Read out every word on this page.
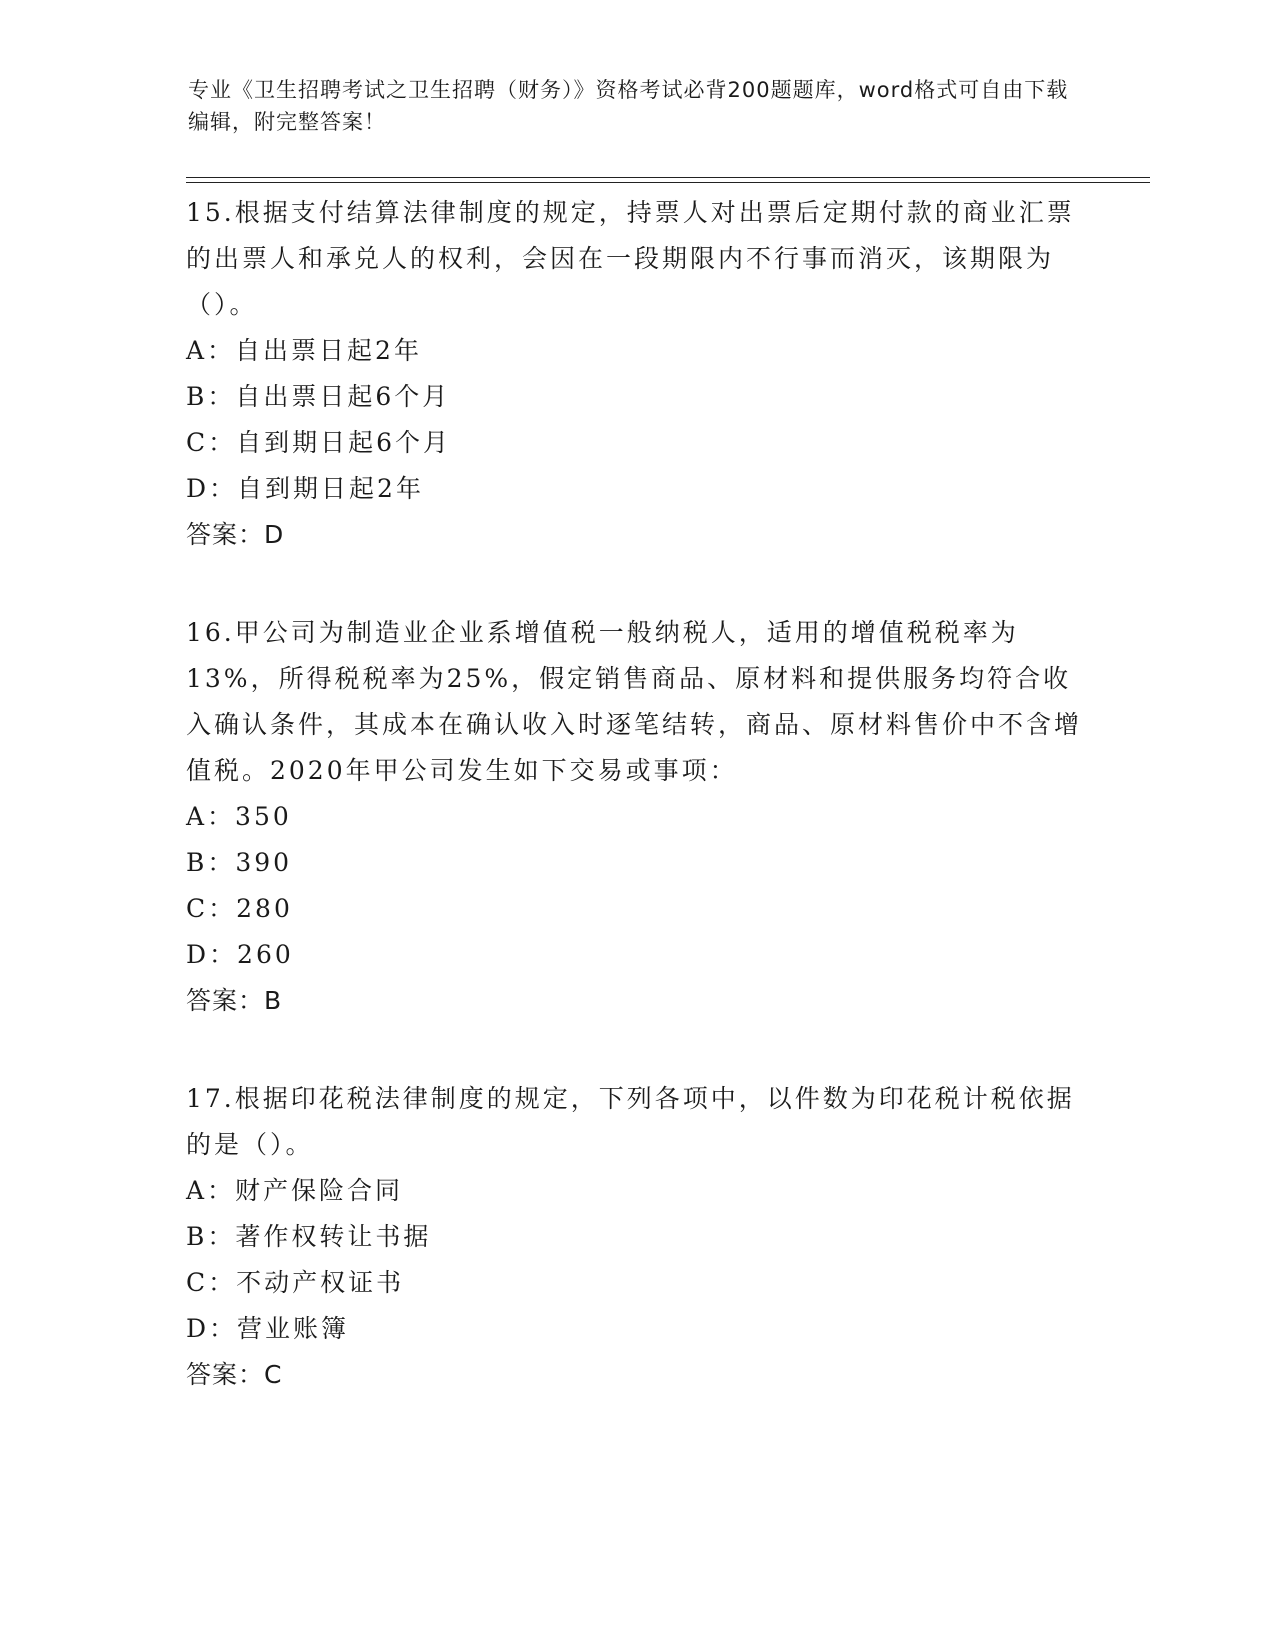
专业《卫生招聘考试之卫生招聘（财务）》资格考试必背200题题库，word格式可自由下载编辑，附完整答案！

15.根据支付结算法律制度的规定，持票人对出票后定期付款的商业汇票的出票人和承兑人的权利，会因在一段期限内不行事而消灭，该期限为（）。

A：自出票日起2年

B：自出票日起6个月

C：自到期日起6个月

D：自到期日起2年

答案：D

16.甲公司为制造业企业系增值税一般纳税人，适用的增值税税率为13%，所得税税率为25%，假定销售商品、原材料和提供服务均符合收入确认条件，其成本在确认收入时逐笔结转，商品、原材料售价中不含增值税。2020年甲公司发生如下交易或事项：

A：350

B：390

C：280

D：260

答案：B

17.根据印花税法律制度的规定，下列各项中，以件数为印花税计税依据的是（）。

A：财产保险合同

B：著作权转让书据

C：不动产权证书

D：营业账簿

答案：C
